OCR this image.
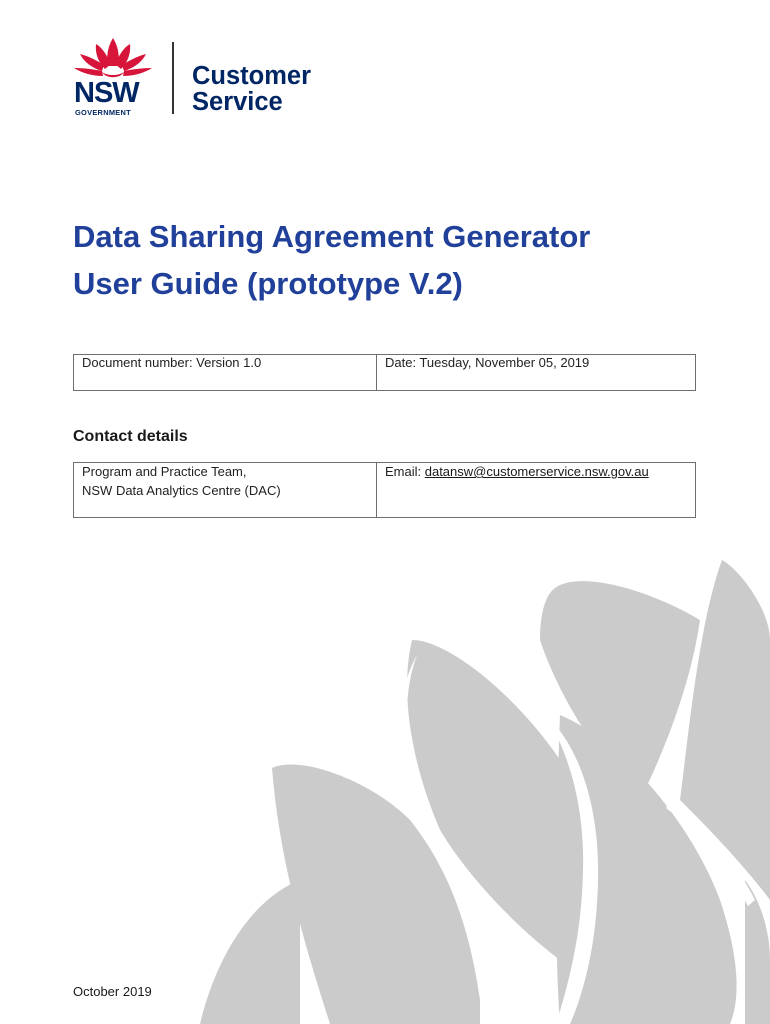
NSW
GOVERNMENT
Customer
Service
Data Sharing Agreement Generator
User Guide (prototype V.2)
Document number: Version 1.0	Date: Tuesday, November 05, 2019
Contact details
Program and Practice Team,
NSW Data Analytics Centre (DAC)
	Email: datansw@customerservice.nsw.gov.au
October 2019
